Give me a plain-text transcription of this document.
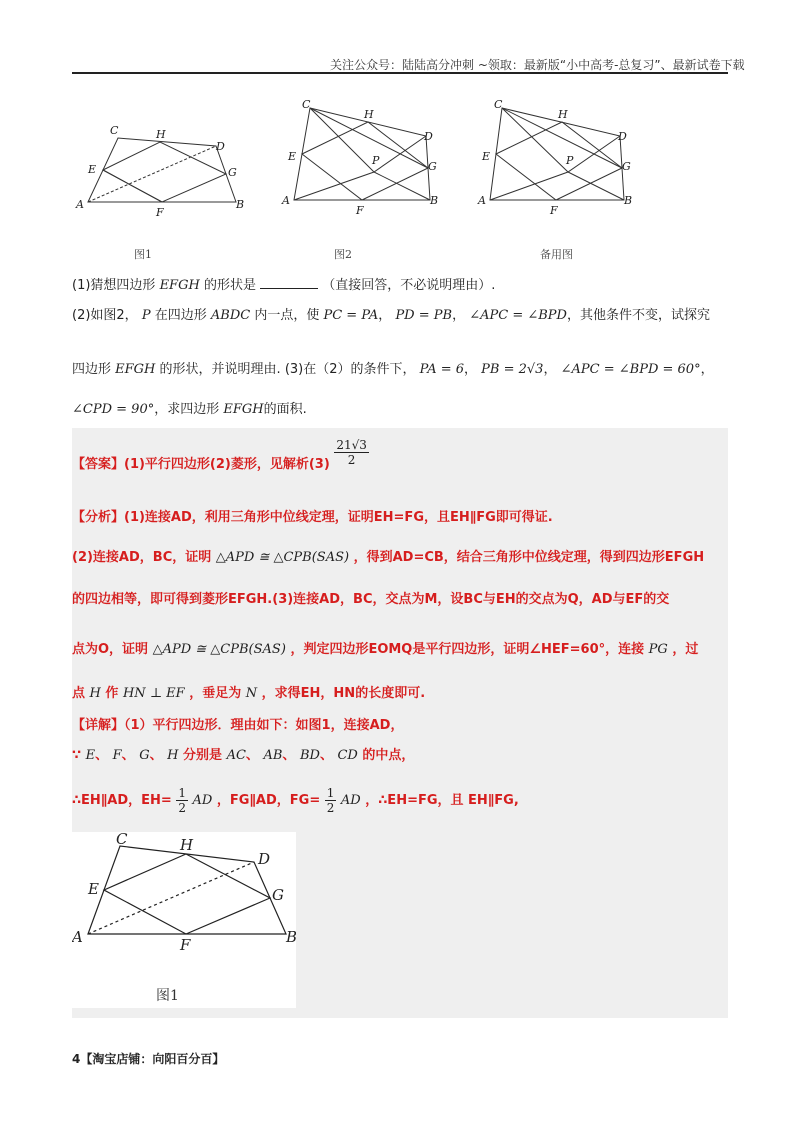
关注公众号：陆陆高分冲刺 ~领取：最新版“小中高考-总复习”、最新试卷下载
A	B
C
D
E
F
G
H
A	B
C
D
E
F
G
H
P
A	B
C
D
E
F
G
H
P
图1	图2	备用图
(1)猜想四边形 EFGH 的形状是	（直接回答，不必说明理由）.
(2)如图2， P 在四边形 ABDC 内一点，使 PC = PA， PD = PB， ∠APC = ∠BPD，其他条件不变，试探究
四边形 EFGH 的形状，并说明理由. (3)在（2）的条件下， PA = 6， PB = 2√3， ∠APC = ∠BPD = 60°，
∠CPD = 90°，求四边形 EFGH的面积.
【答案】(1)平行四边形(2)菱形，见解析$(3) \frac{21√3}{2}$
【分析】(1)连接AD，利用三角形中位线定理，证明EH=FG，且EH∥FG即可得证.
(2)连接AD，BC，证明 △APD ≅ △CPB(SAS) ，得到AD=CB，结合三角形中位线定理，得到四边形EFGH
的四边相等，即可得到菱形EFGH.(3)连接AD，BC，交点为M，设BC与EH的交点为Q，AD与EF的交
点为O，证明 △APD ≅ △CPB(SAS) ，判定四边形EOMQ是平行四边形，证明∠HEF=60°，连接 PG ，过
点 H 作 HN ⊥ EF ，垂足为 N ，求得EH，HN的长度即可.
【详解】（1）平行四边形．理由如下：如图1，连接AD，
∵ E、 F、 G、 H 分别是 AC、 AB、 BD、 CD 的中点，
∴EH∥AD，$EH= \frac{1}{2}$ AD ，FG∥AD，$FG= \frac{1}{2}$ AD ，∴EH=FG，且 EH∥FG,
A	B
C
D
E
F
G
H
图1
4【淘宝店铺：向阳百分百】
